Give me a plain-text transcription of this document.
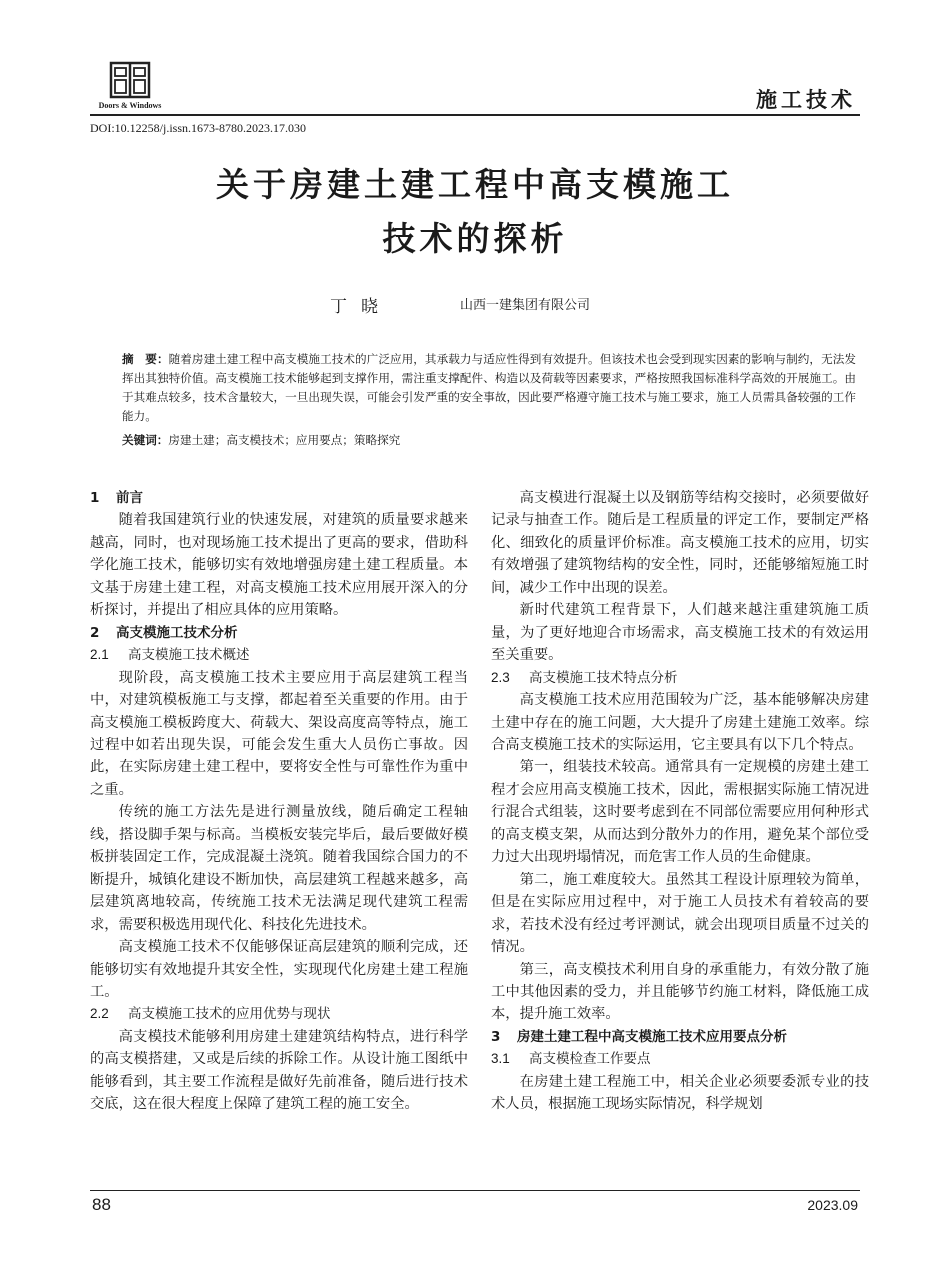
Doors & Windows	施工技术
DOI:10.12258/j.issn.1673-8780.2023.17.030
关于房建土建工程中高支模施工
技术的探析
丁晓	山西一建集团有限公司
摘　要：随着房建土建工程中高支模施工技术的广泛应用，其承载力与适应性得到有效提升。但该技术也会受到现实因素的影响与制约，无法发挥出其独特价值。高支模施工技术能够起到支撑作用，需注重支撑配件、构造以及荷载等因素要求，严格按照我国标准科学高效的开展施工。由于其难点较多，技术含量较大，一旦出现失误，可能会引发严重的安全事故，因此要严格遵守施工技术与施工要求，施工人员需具备较强的工作能力。
关键词：房建土建；高支模技术；应用要点；策略探究
1 前言

随着我国建筑行业的快速发展，对建筑的质量要求越来越高，同时，也对现场施工技术提出了更高的要求，借助科学化施工技术，能够切实有效地增强房建土建工程质量。本文基于房建土建工程，对高支模施工技术应用展开深入的分析探讨，并提出了相应具体的应用策略。

2 高支模施工技术分析
2.1 高支模施工技术概述

现阶段，高支模施工技术主要应用于高层建筑工程当中，对建筑模板施工与支撑，都起着至关重要的作用。由于高支模施工模板跨度大、荷载大、架设高度高等特点，施工过程中如若出现失误，可能会发生重大人员伤亡事故。因此，在实际房建土建工程中，要将安全性与可靠性作为重中之重。

传统的施工方法先是进行测量放线，随后确定工程轴线，搭设脚手架与标高。当模板安装完毕后，最后要做好模板拼装固定工作，完成混凝土浇筑。随着我国综合国力的不断提升，城镇化建设不断加快，高层建筑工程越来越多，高层建筑离地较高，传统施工技术无法满足现代建筑工程需求，需要积极选用现代化、科技化先进技术。

高支模施工技术不仅能够保证高层建筑的顺利完成，还能够切实有效地提升其安全性，实现现代化房建土建工程施工。

2.2 高支模施工技术的应用优势与现状

高支模技术能够利用房建土建建筑结构特点，进行科学的高支模搭建，又或是后续的拆除工作。从设计施工图纸中能够看到，其主要工作流程是做好先前准备，随后进行技术交底，这在很大程度上保障了建筑工程的施工安全。

高支模进行混凝土以及钢筋等结构交接时，必须要做好记录与抽查工作。随后是工程质量的评定工作，要制定严格化、细致化的质量评价标准。高支模施工技术的应用，切实有效增强了建筑物结构的安全性，同时，还能够缩短施工时间，减少工作中出现的误差。

新时代建筑工程背景下，人们越来越注重建筑施工质量，为了更好地迎合市场需求，高支模施工技术的有效运用至关重要。

2.3 高支模施工技术特点分析

高支模施工技术应用范围较为广泛，基本能够解决房建土建中存在的施工问题，大大提升了房建土建施工效率。综合高支模施工技术的实际运用，它主要具有以下几个特点。

第一，组装技术较高。通常具有一定规模的房建土建工程才会应用高支模施工技术，因此，需根据实际施工情况进行混合式组装，这时要考虑到在不同部位需要应用何种形式的高支模支架，从而达到分散外力的作用，避免某个部位受力过大出现坍塌情况，而危害工作人员的生命健康。

第二，施工难度较大。虽然其工程设计原理较为简单，但是在实际应用过程中，对于施工人员技术有着较高的要求，若技术没有经过考评测试，就会出现项目质量不过关的情况。

第三，高支模技术利用自身的承重能力，有效分散了施工中其他因素的受力，并且能够节约施工材料，降低施工成本，提升施工效率。

3 房建土建工程中高支模施工技术应用要点分析
3.1 高支模检查工作要点

在房建土建工程施工中，相关企业必须要委派专业的技术人员，根据施工现场实际情况，科学规划

88	2023.09
